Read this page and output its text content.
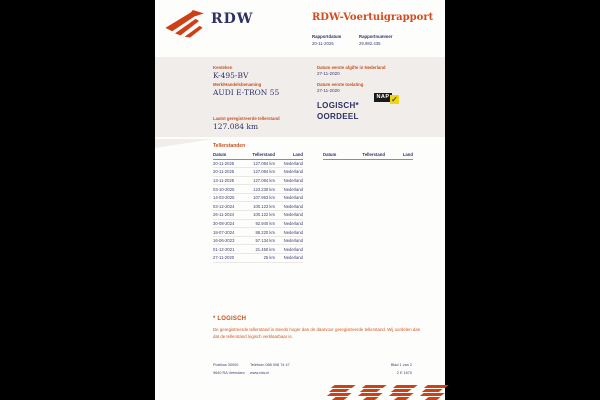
RDW	RDW-Voertuigrapport
Rapportdatum
20-11-2025
Rapportnummer
29.982.435
Kenteken
K-495-BV
Merk/Handelsbenaming
AUDI E-TRON 55
Laatst geregistreerde tellerstand
127.084 km
Datum eerste afgifte in Nederland
27-11-2020
Datum eerste toelating
27-11-2020
LOGISCH*
OORDEEL
NAP ✓
Tellerstanden
Datum	Tellerstand	Land
20-11-2025	127.084 km	Nederland
20-11-2025	127.084 km	Nederland
13-11-2025	127.084 km	Nederland
03-10-2025	123.230 km	Nederland
14-03-2025	107.953 km	Nederland
03-12-2024	100.123 km	Nederland
26-11-2024	100.122 km	Nederland
30-08-2024	92.940 km	Nederland
18-07-2024	86.220 km	Nederland
16-06-2023	57.134 km	Nederland
01-12-2021	21.450 km	Nederland
27-11-2020	25 km	Nederland
Datum	Tellerstand	Land
* LOGISCH
De geregistreerde tellerstand is steeds hoger dan de daarvoor geregistreerde tellerstand. Wij oordelen dan dat de tellerstand logisch verklaarbaar is.
Postbus 30000
9640 RA Veendam
Telefoon 088 008 74 47
www.rdw.nl
Blad 1 van 2
2 E 1670
